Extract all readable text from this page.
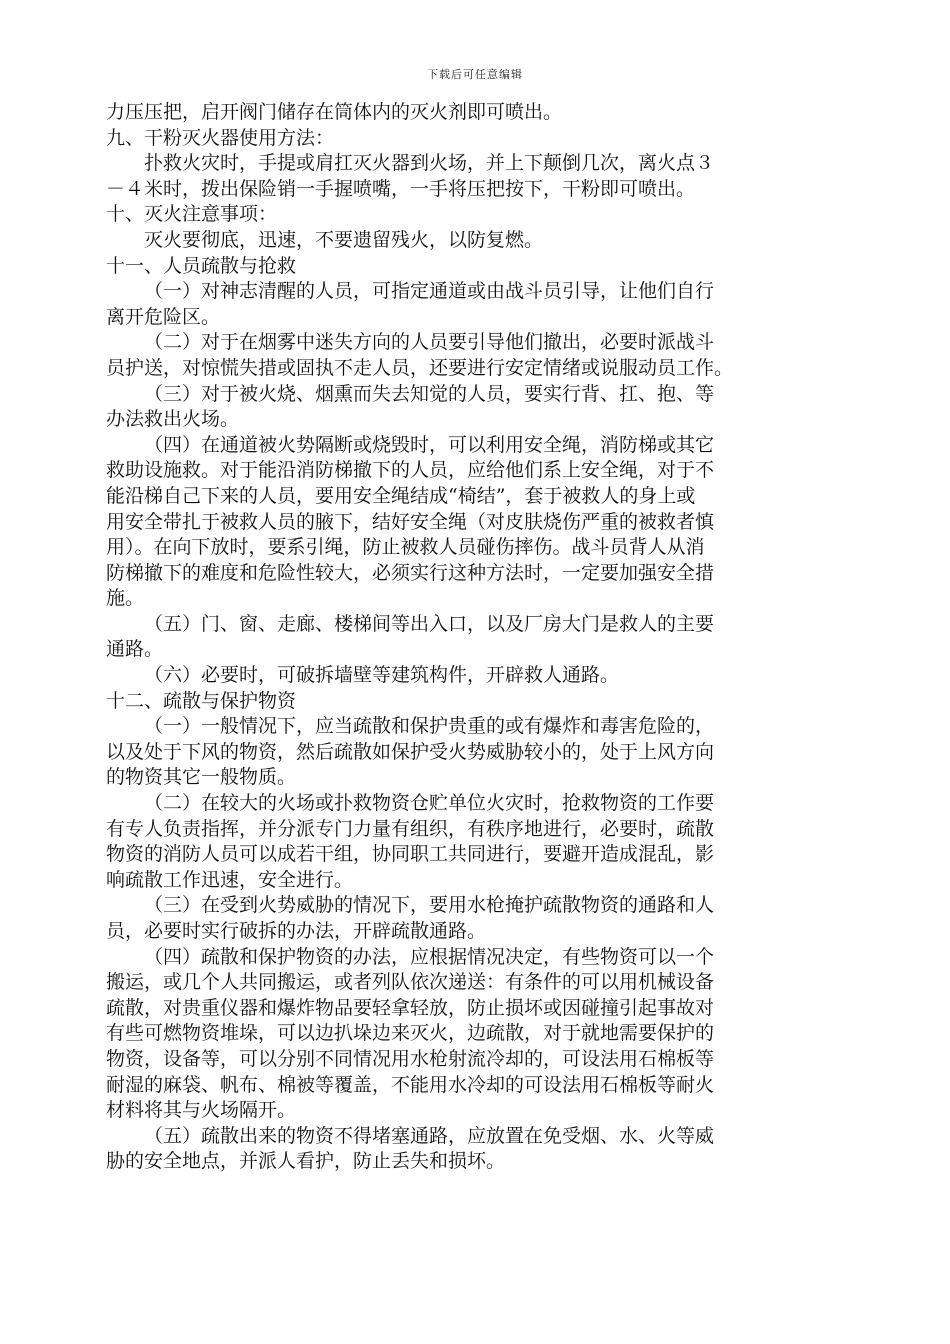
下载后可任意编辑
力压压把，启开阀门储存在筒体内的灭火剂即可喷出。
九、干粉灭火器使用方法：
扑救火灾时，手提或肩扛灭火器到火场，并上下颠倒几次，离火点３
－４米时，拨出保险销一手握喷嘴，一手将压把按下，干粉即可喷出。
十、灭火注意事项：
灭火要彻底，迅速，不要遗留残火，以防复燃。
十一、人员疏散与抢救
（一）对神志清醒的人员，可指定通道或由战斗员引导，让他们自行
离开危险区。
（二）对于在烟雾中迷失方向的人员要引导他们撤出，必要时派战斗
员护送，对惊慌失措或固执不走人员，还要进行安定情绪或说服动员工作。
（三）对于被火烧、烟熏而失去知觉的人员，要实行背、扛、抱、等
办法救出火场。
（四）在通道被火势隔断或烧毁时，可以利用安全绳，消防梯或其它
救助设施救。对于能沿消防梯撤下的人员，应给他们系上安全绳，对于不
能沿梯自己下来的人员，要用安全绳结成“椅结”，套于被救人的身上或
用安全带扎于被救人员的腋下，结好安全绳（对皮肤烧伤严重的被救者慎
用）。在向下放时，要系引绳，防止被救人员碰伤摔伤。战斗员背人从消
防梯撤下的难度和危险性较大，必须实行这种方法时，一定要加强安全措
施。
（五）门、窗、走廊、楼梯间等出入口，以及厂房大门是救人的主要
通路。
（六）必要时，可破拆墙壁等建筑构件，开辟救人通路。
十二、疏散与保护物资
（一）一般情况下，应当疏散和保护贵重的或有爆炸和毒害危险的，
以及处于下风的物资，然后疏散如保护受火势威胁较小的，处于上风方向
的物资其它一般物质。
（二）在较大的火场或扑救物资仓贮单位火灾时，抢救物资的工作要
有专人负责指挥，并分派专门力量有组织，有秩序地进行，必要时，疏散
物资的消防人员可以成若干组，协同职工共同进行，要避开造成混乱，影
响疏散工作迅速，安全进行。
（三）在受到火势威胁的情况下，要用水枪掩护疏散物资的通路和人
员，必要时实行破拆的办法，开辟疏散通路。
（四）疏散和保护物资的办法，应根据情况决定，有些物资可以一个
搬运，或几个人共同搬运，或者列队依次递送：有条件的可以用机械设备
疏散，对贵重仪器和爆炸物品要轻拿轻放，防止损坏或因碰撞引起事故对
有些可燃物资堆垛，可以边扒垛边来灭火，边疏散，对于就地需要保护的
物资，设备等，可以分别不同情况用水枪射流冷却的，可设法用石棉板等
耐湿的麻袋、帆布、棉被等覆盖，不能用水冷却的可设法用石棉板等耐火
材料将其与火场隔开。
（五）疏散出来的物资不得堵塞通路，应放置在免受烟、水、火等威
胁的安全地点，并派人看护，防止丢失和损坏。
